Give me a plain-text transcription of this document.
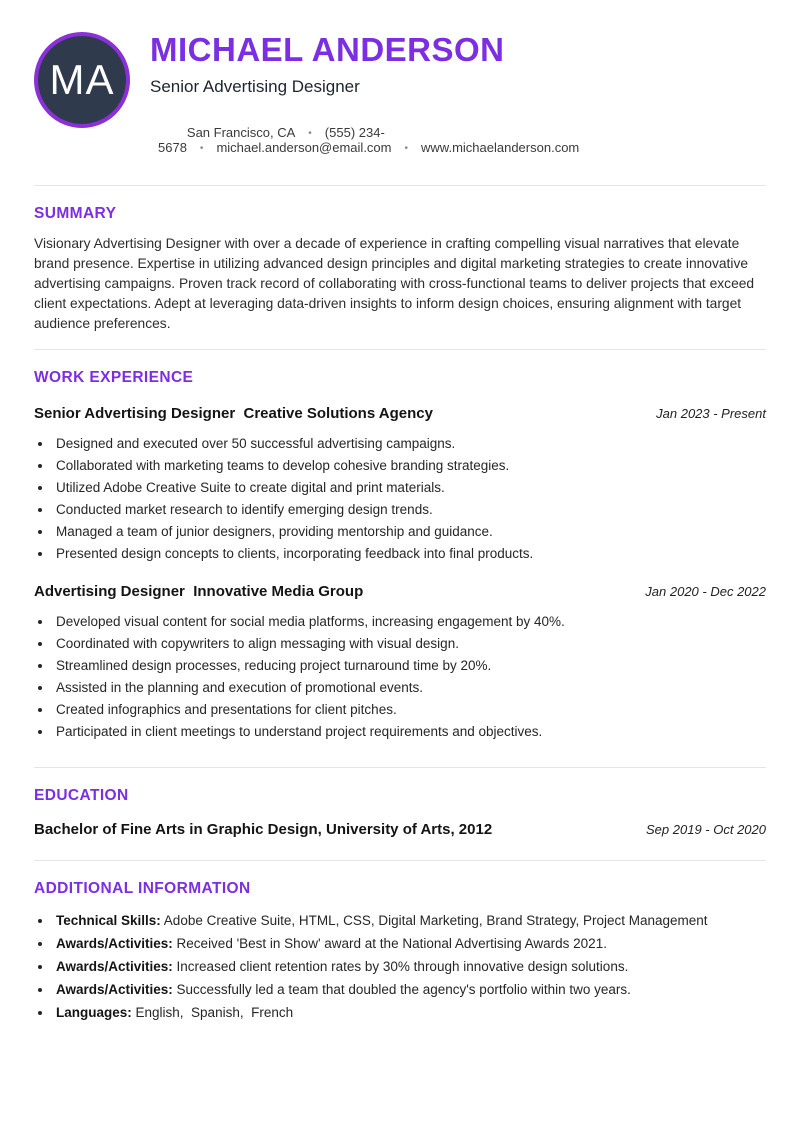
MA
MICHAEL ANDERSON
Senior Advertising Designer

San Francisco, CA • (555) 234-5678 • michael.anderson@email.com • www.michaelanderson.com

SUMMARY

Visionary Advertising Designer with over a decade of experience in crafting compelling visual narratives that elevate brand presence. Expertise in utilizing advanced design principles and digital marketing strategies to create innovative advertising campaigns. Proven track record of collaborating with cross-functional teams to deliver projects that exceed client expectations. Adept at leveraging data-driven insights to inform design choices, ensuring alignment with target audience preferences.

WORK EXPERIENCE
Senior Advertising Designer  Creative Solutions Agency	Jan 2023 - Present
• Designed and executed over 50 successful advertising campaigns.
• Collaborated with marketing teams to develop cohesive branding strategies.
• Utilized Adobe Creative Suite to create digital and print materials.
• Conducted market research to identify emerging design trends.
• Managed a team of junior designers, providing mentorship and guidance.
• Presented design concepts to clients, incorporating feedback into final products.
Advertising Designer  Innovative Media Group	Jan 2020 - Dec 2022
• Developed visual content for social media platforms, increasing engagement by 40%.
• Coordinated with copywriters to align messaging with visual design.
• Streamlined design processes, reducing project turnaround time by 20%.
• Assisted in the planning and execution of promotional events.
• Created infographics and presentations for client pitches.
• Participated in client meetings to understand project requirements and objectives.
EDUCATION
Bachelor of Fine Arts in Graphic Design, University of Arts, 2012	Sep 2019 - Oct 2020
ADDITIONAL INFORMATION
• Technical Skills: Adobe Creative Suite, HTML, CSS, Digital Marketing, Brand Strategy, Project Management
• Awards/Activities: Received 'Best in Show' award at the National Advertising Awards 2021.
• Awards/Activities: Increased client retention rates by 30% through innovative design solutions.
• Awards/Activities: Successfully led a team that doubled the agency's portfolio within two years.
• Languages: English,  Spanish,  French
